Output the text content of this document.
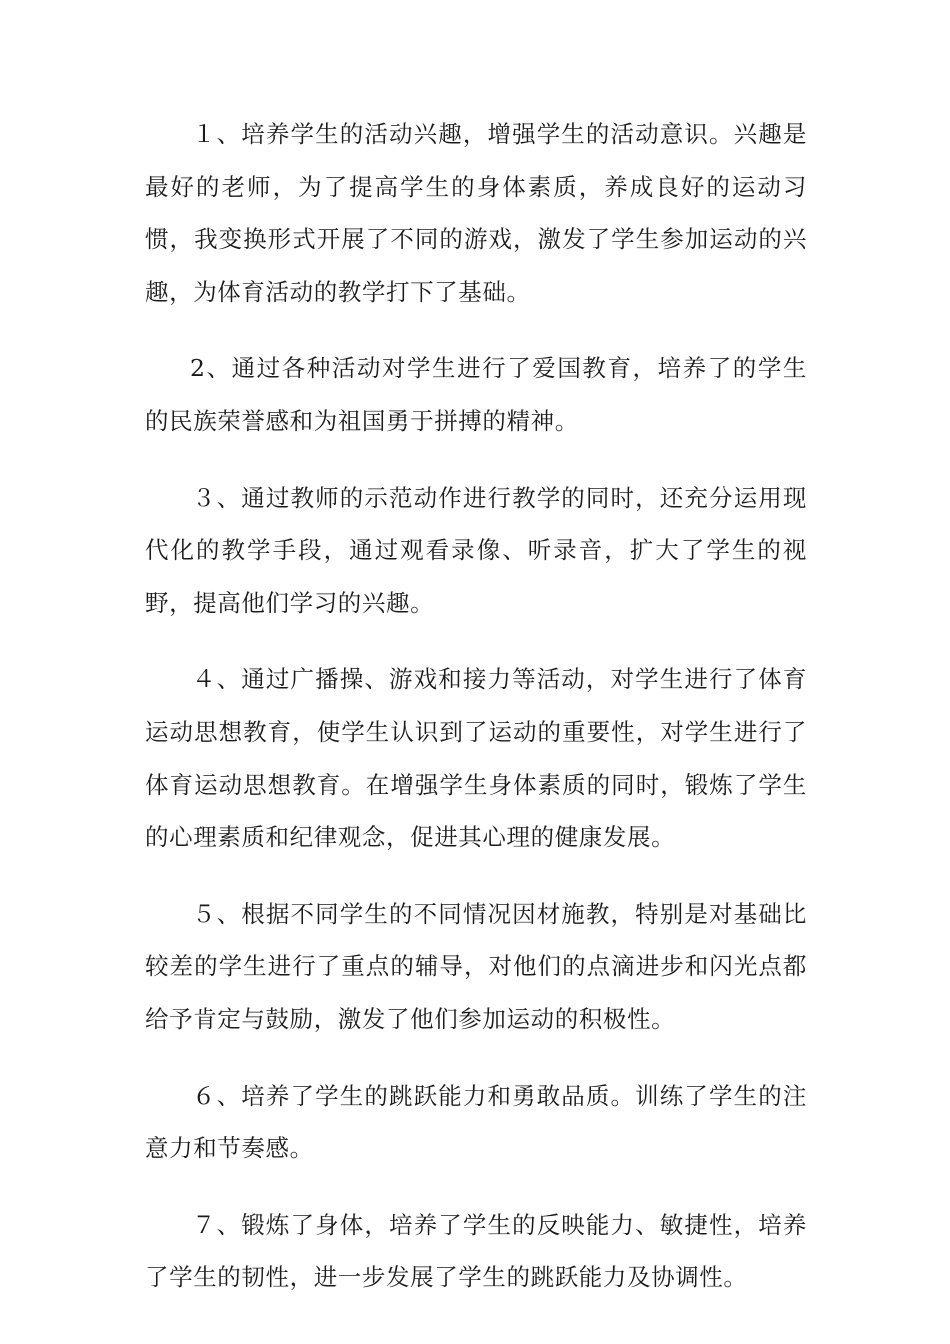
１、培养学生的活动兴趣，增强学生的活动意识。兴趣是最好的老师，为了提高学生的身体素质，养成良好的运动习惯，我变换形式开展了不同的游戏，激发了学生参加运动的兴趣，为体育活动的教学打下了基础。

2、通过各种活动对学生进行了爱国教育，培养了的学生的民族荣誉感和为祖国勇于拼搏的精神。

３、通过教师的示范动作进行教学的同时，还充分运用现代化的教学手段，通过观看录像、听录音，扩大了学生的视野，提高他们学习的兴趣。

４、通过广播操、游戏和接力等活动，对学生进行了体育运动思想教育，使学生认识到了运动的重要性，对学生进行了体育运动思想教育。在增强学生身体素质的同时，锻炼了学生的心理素质和纪律观念，促进其心理的健康发展。

５、根据不同学生的不同情况因材施教，特别是对基础比较差的学生进行了重点的辅导，对他们的点滴进步和闪光点都给予肯定与鼓励，激发了他们参加运动的积极性。

６、培养了学生的跳跃能力和勇敢品质。训练了学生的注意力和节奏感。

７、锻炼了身体，培养了学生的反映能力、敏捷性，培养了学生的韧性，进一步发展了学生的跳跃能力及协调性。
